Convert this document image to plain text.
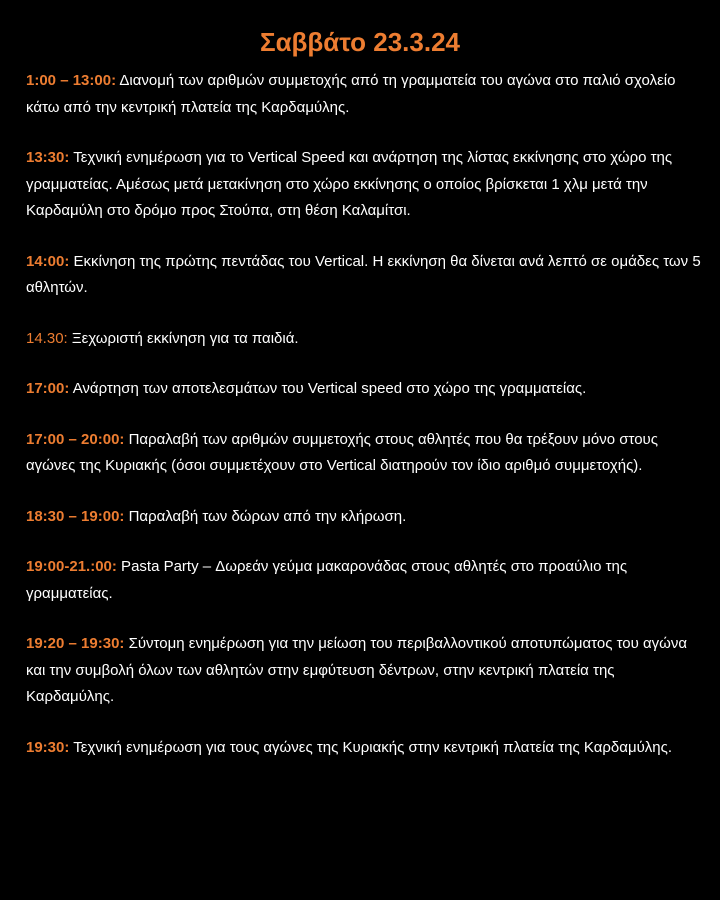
Σαββάτο 23.3.24

1:00 – 13:00: Διανομή των αριθμών συμμετοχής από τη γραμματεία του αγώνα στο παλιό σχολείο κάτω από την κεντρική πλατεία της Καρδαμύλης.

13:30: Τεχνική ενημέρωση για το Vertical Speed και ανάρτηση της λίστας εκκίνησης στο χώρο της γραμματείας. Αμέσως μετά μετακίνηση στο χώρο εκκίνησης ο οποίος βρίσκεται 1 χλμ μετά την Καρδαμύλη στο δρόμο προς Στούπα, στη θέση Καλαμίτσι.

14:00: Εκκίνηση της πρώτης πεντάδας του Vertical. Η εκκίνηση θα δίνεται ανά λεπτό σε ομάδες των 5 αθλητών.

14.30: Ξεχωριστή εκκίνηση για τα παιδιά.

17:00: Ανάρτηση των αποτελεσμάτων του Vertical speed στο χώρο της γραμματείας.

17:00 – 20:00: Παραλαβή των αριθμών συμμετοχής στους αθλητές που θα τρέξουν μόνο στους αγώνες της Κυριακής (όσοι συμμετέχουν στο Vertical διατηρούν τον ίδιο αριθμό συμμετοχής).

18:30 – 19:00: Παραλαβή των δώρων από την κλήρωση.

19:00-21.:00: Pasta Party – Δωρεάν γεύμα μακαρονάδας στους αθλητές στο προαύλιο της γραμματείας.

19:20 – 19:30: Σύντομη ενημέρωση για την μείωση του περιβαλλοντικού αποτυπώματος του αγώνα και την συμβολή όλων των αθλητών στην εμφύτευση δέντρων, στην κεντρική πλατεία της Καρδαμύλης.

19:30: Τεχνική ενημέρωση για τους αγώνες της Κυριακής στην κεντρική πλατεία της Καρδαμύλης.
